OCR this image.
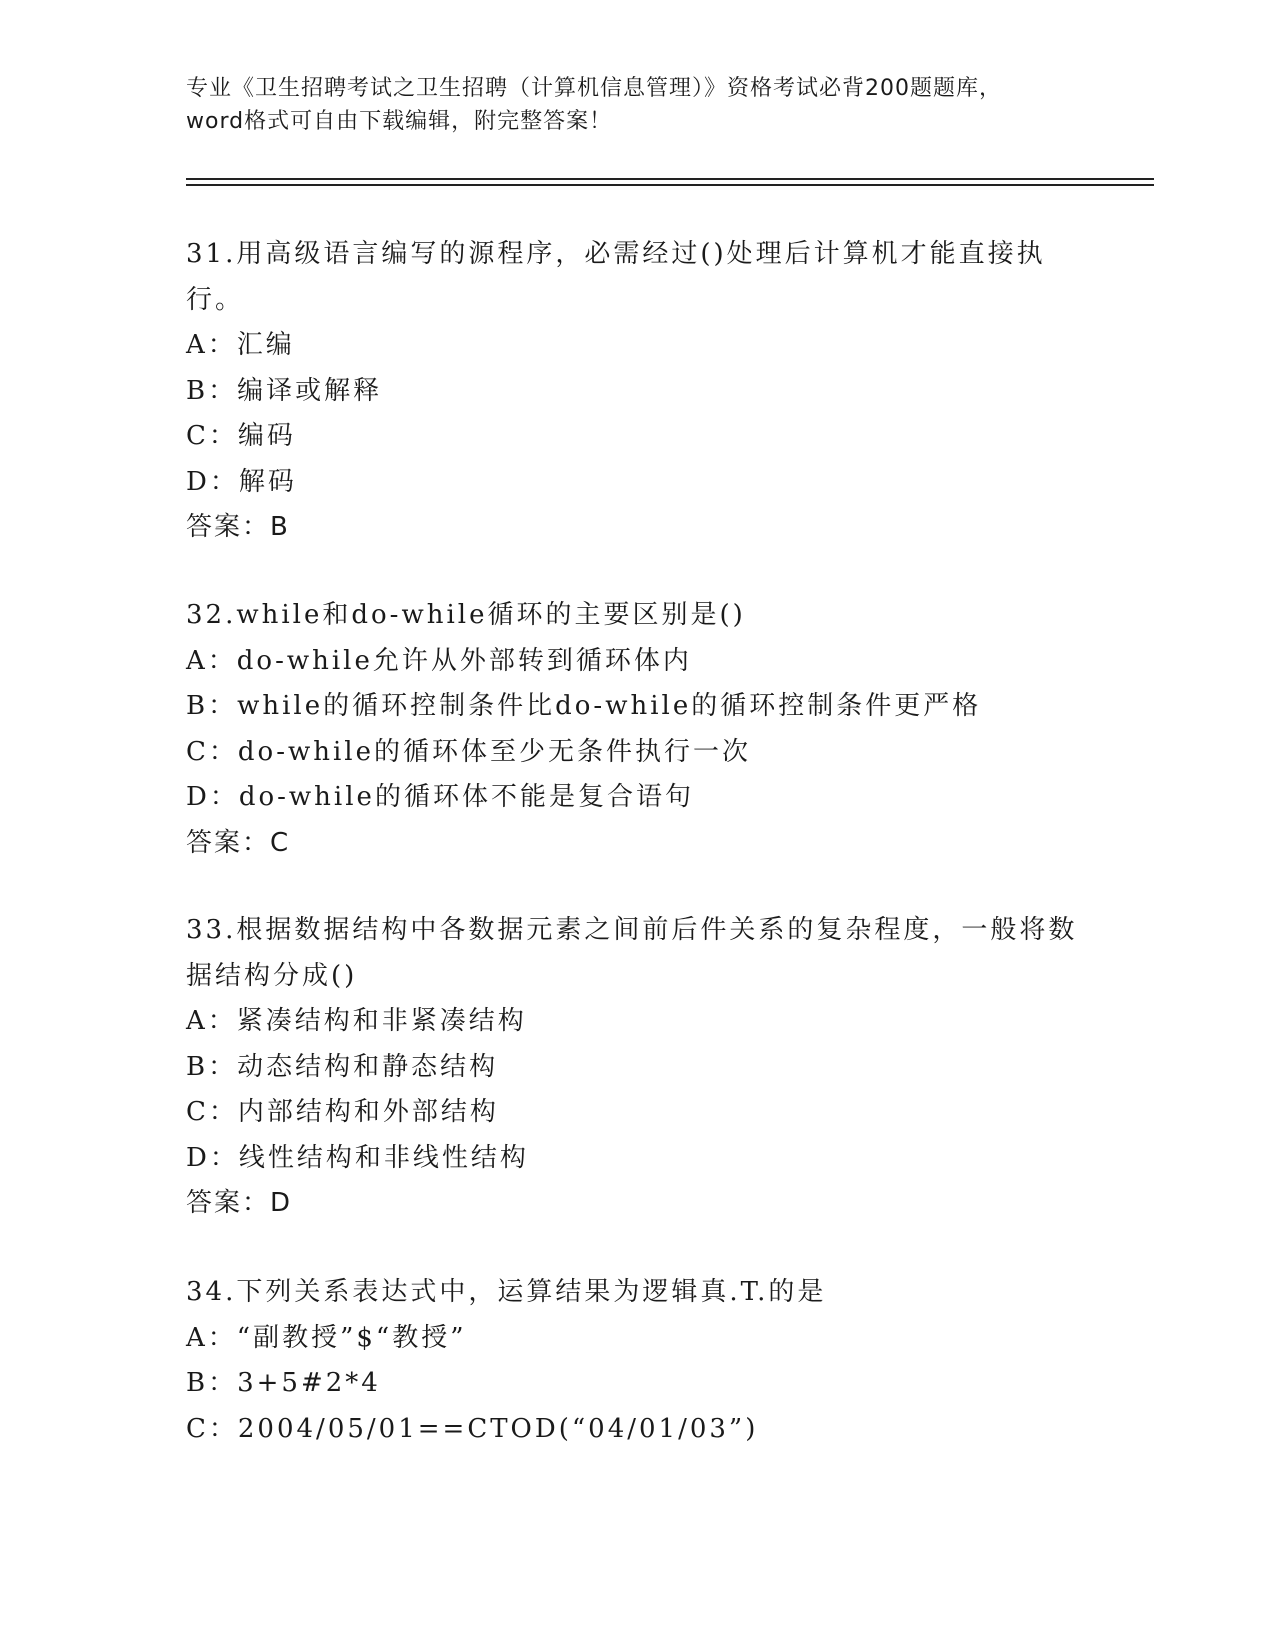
专业《卫生招聘考试之卫生招聘（计算机信息管理）》资格考试必背200题题库，
word格式可自由下载编辑，附完整答案！
31.用高级语言编写的源程序，必需经过()处理后计算机才能直接执行。
A：汇编
B：编译或解释
C：编码
D：解码
答案：B
32.while和do-while循环的主要区别是()
A：do-while允许从外部转到循环体内
B：while的循环控制条件比do-while的循环控制条件更严格
C：do-while的循环体至少无条件执行一次
D：do-while的循环体不能是复合语句
答案：C
33.根据数据结构中各数据元素之间前后件关系的复杂程度，一般将数据结构分成()
A：紧凑结构和非紧凑结构
B：动态结构和静态结构
C：内部结构和外部结构
D：线性结构和非线性结构
答案：D
34.下列关系表达式中，运算结果为逻辑真.T.的是
A：“副教授”$“教授”
B：3+5#2*4
C：2004/05/01==CTOD(“04/01/03”)
